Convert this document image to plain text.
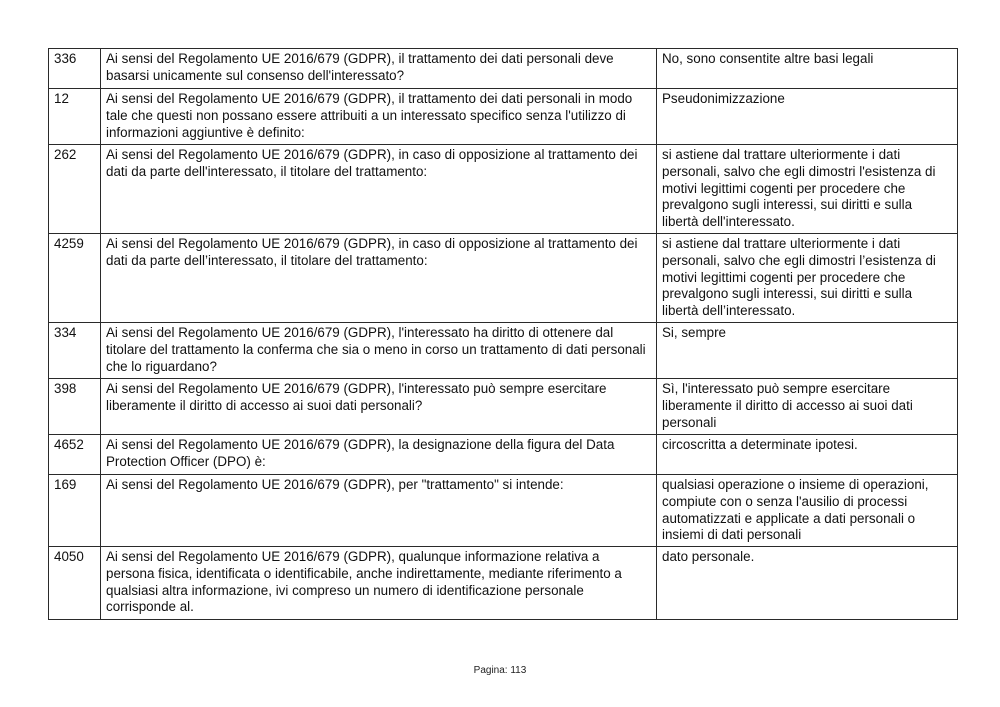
336	Ai sensi del Regolamento UE 2016/679 (GDPR), il trattamento dei dati personali deve basarsi unicamente sul consenso dell'interessato?	No, sono consentite altre basi legali
12	Ai sensi del Regolamento UE 2016/679 (GDPR), il trattamento dei dati personali in modo tale che questi non possano essere attribuiti a un interessato specifico senza l'utilizzo di informazioni aggiuntive è definito:	Pseudonimizzazione
262	Ai sensi del Regolamento UE 2016/679 (GDPR), in caso di opposizione al trattamento dei dati da parte dell'interessato, il titolare del trattamento:	si astiene dal trattare ulteriormente i dati personali, salvo che egli dimostri l'esistenza di motivi legittimi cogenti per procedere che prevalgono sugli interessi, sui diritti e sulla libertà dell'interessato.
4259	Ai sensi del Regolamento UE 2016/679 (GDPR), in caso di opposizione al trattamento dei dati da parte dell’interessato, il titolare del trattamento:	si astiene dal trattare ulteriormente i dati personali, salvo che egli dimostri l’esistenza di motivi legittimi cogenti per procedere che prevalgono sugli interessi, sui diritti e sulla libertà dell’interessato.
334	Ai sensi del Regolamento UE 2016/679 (GDPR), l'interessato ha diritto di ottenere dal titolare del trattamento la conferma che sia o meno in corso un trattamento di dati personali che lo riguardano?	Si, sempre
398	Ai sensi del Regolamento UE 2016/679 (GDPR), l'interessato può sempre esercitare liberamente il diritto di accesso ai suoi dati personali?	Sì, l'interessato può sempre esercitare liberamente il diritto di accesso ai suoi dati personali
4652	Ai sensi del Regolamento UE 2016/679 (GDPR), la designazione della figura del Data Protection Officer (DPO) è:	circoscritta a determinate ipotesi.
169	Ai sensi del Regolamento UE 2016/679 (GDPR), per "trattamento" si intende:	qualsiasi operazione o insieme di operazioni, compiute con o senza l'ausilio di processi automatizzati e applicate a dati personali o insiemi di dati personali
4050	Ai sensi del Regolamento UE 2016/679 (GDPR), qualunque informazione relativa a persona fisica, identificata o identificabile, anche indirettamente, mediante riferimento a qualsiasi altra informazione, ivi compreso un numero di identificazione personale corrisponde al.	dato personale.
Pagina: 113
